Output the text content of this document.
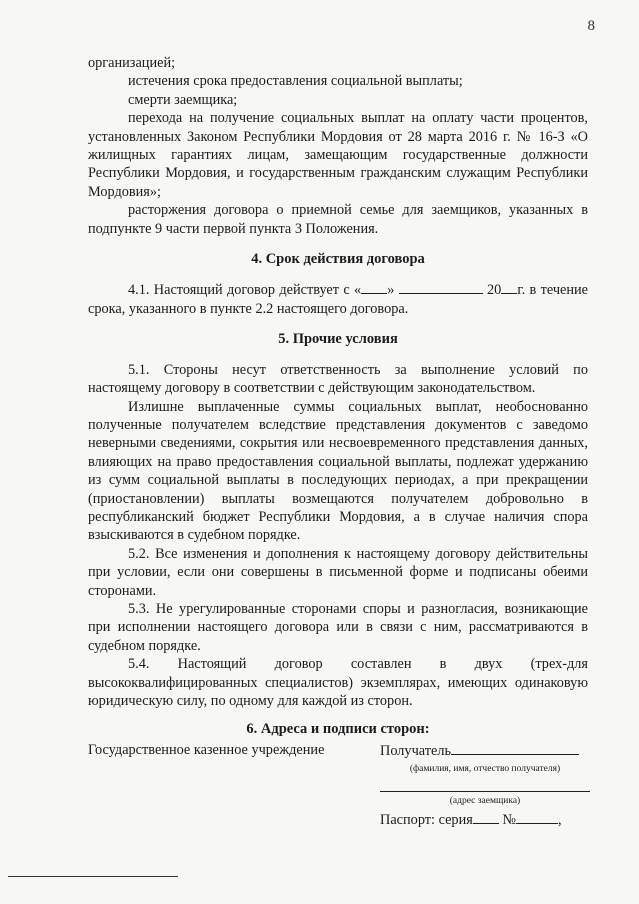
8

организацией;

истечения срока предоставления социальной выплаты;

смерти заемщика;

перехода на получение социальных выплат на оплату части процентов, установленных Законом Республики Мордовия от 28 марта 2016 г. № 16-З «О жилищных гарантиях лицам, замещающим государственные должности Республики Мордовия, и государственным гражданским служащим Республики Мордовия»;

расторжения договора о приемной семье для заемщиков, указанных в подпункте 9 части первой пункта 3 Положения.

4. Срок действия договора

4.1. Настоящий договор действует с « »	20 г. в течение срока, указанного в пункте 2.2 настоящего договора.

5. Прочие условия

5.1. Стороны несут ответственность за выполнение условий по настоящему договору в соответствии с действующим законодательством.

Излишне выплаченные суммы социальных выплат, необоснованно полученные получателем вследствие представления документов с заведомо неверными сведениями, сокрытия или несвоевременного представления данных, влияющих на право предоставления социальной выплаты, подлежат удержанию из сумм социальной выплаты в последующих периодах, а при прекращении (приостановлении) выплаты возмещаются получателем добровольно в республиканский бюджет Республики Мордовия, а в случае наличия спора взыскиваются в судебном порядке.

5.2. Все изменения и дополнения к настоящему договору действительны при условии, если они совершены в письменной форме и подписаны обеими сторонами.

5.3. Не урегулированные сторонами споры и разногласия, возникающие при исполнении настоящего договора или в связи с ним, рассматриваются в судебном порядке.

5.4. Настоящий договор составлен в двух (трех-для высококвалифицированных специалистов) экземплярах, имеющих одинаковую юридическую силу, по одному для каждой из сторон.

6. Адреса и подписи сторон:

Государственное казенное учреждение	Получатель
(фамилия, имя, отчество получателя)
(адрес заемщика)
Паспорт: серия №	,
